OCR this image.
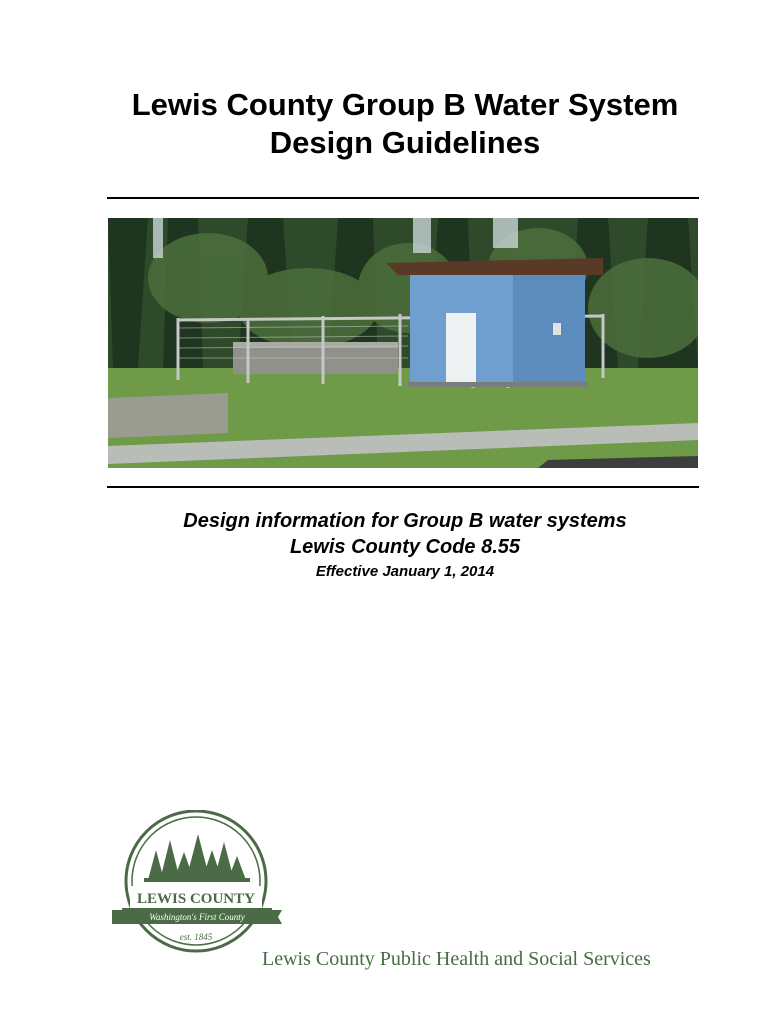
Lewis County Group B Water System
Design Guidelines
Design information for Group B water systems
Lewis County Code 8.55
Effective January 1, 2014
LEWIS COUNTY
Washington's First County
est. 1845
Lewis County Public Health and Social Services
